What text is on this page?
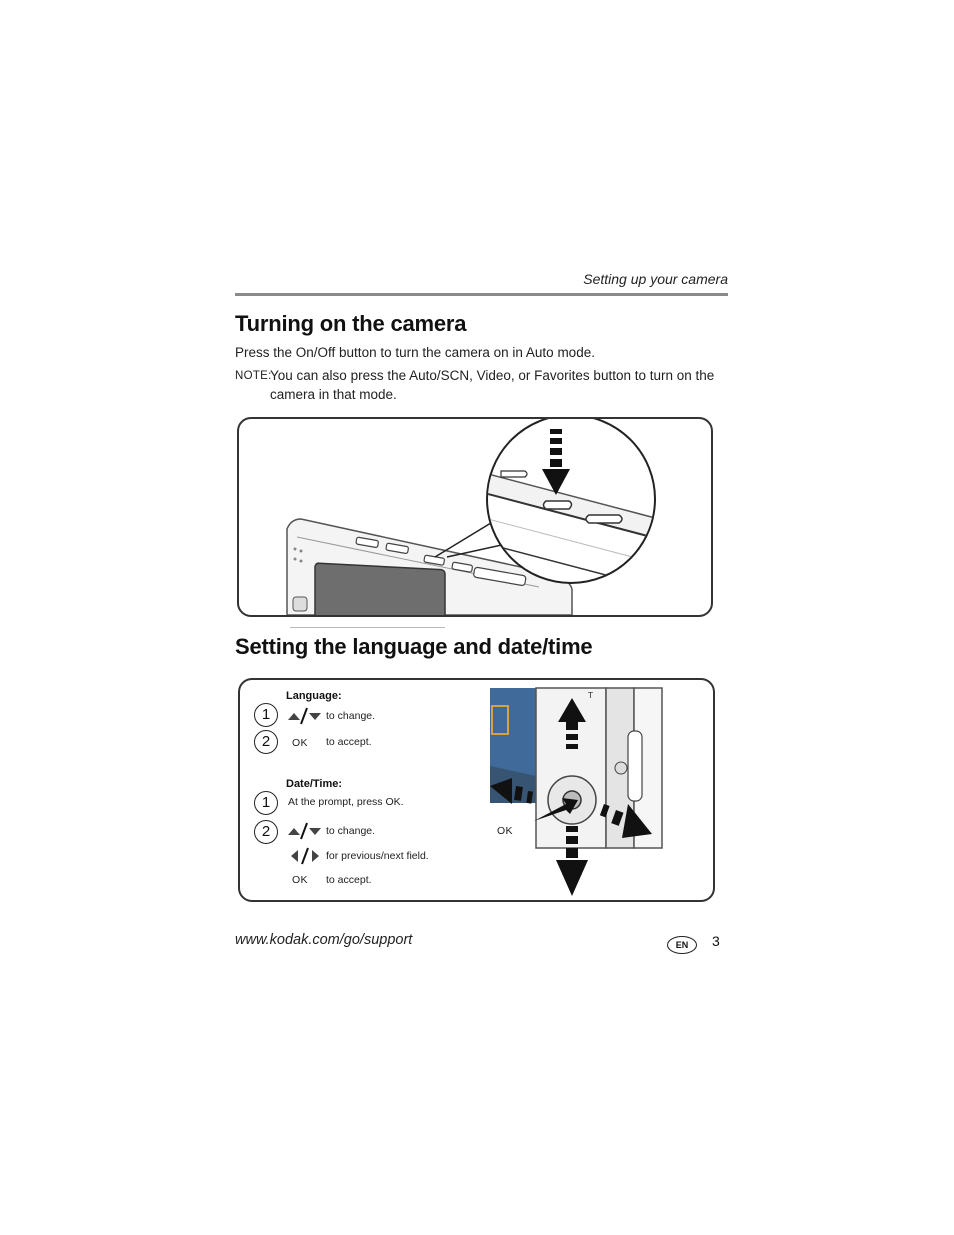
Setting up your camera
Turning on the camera
Press the On/Off button to turn the camera on in Auto mode.
NOTE:
You can also press the Auto/SCN, Video, or Favorites button to turn on the
camera in that mode.
Setting the language and date/time
Language:
1	to change.
2	OK to accept.
Date/Time:
1	At the prompt, press OK.
2	to change.
for previous/next field.
OK to accept.
T
OK
www.kodak.com/go/support	EN	3
